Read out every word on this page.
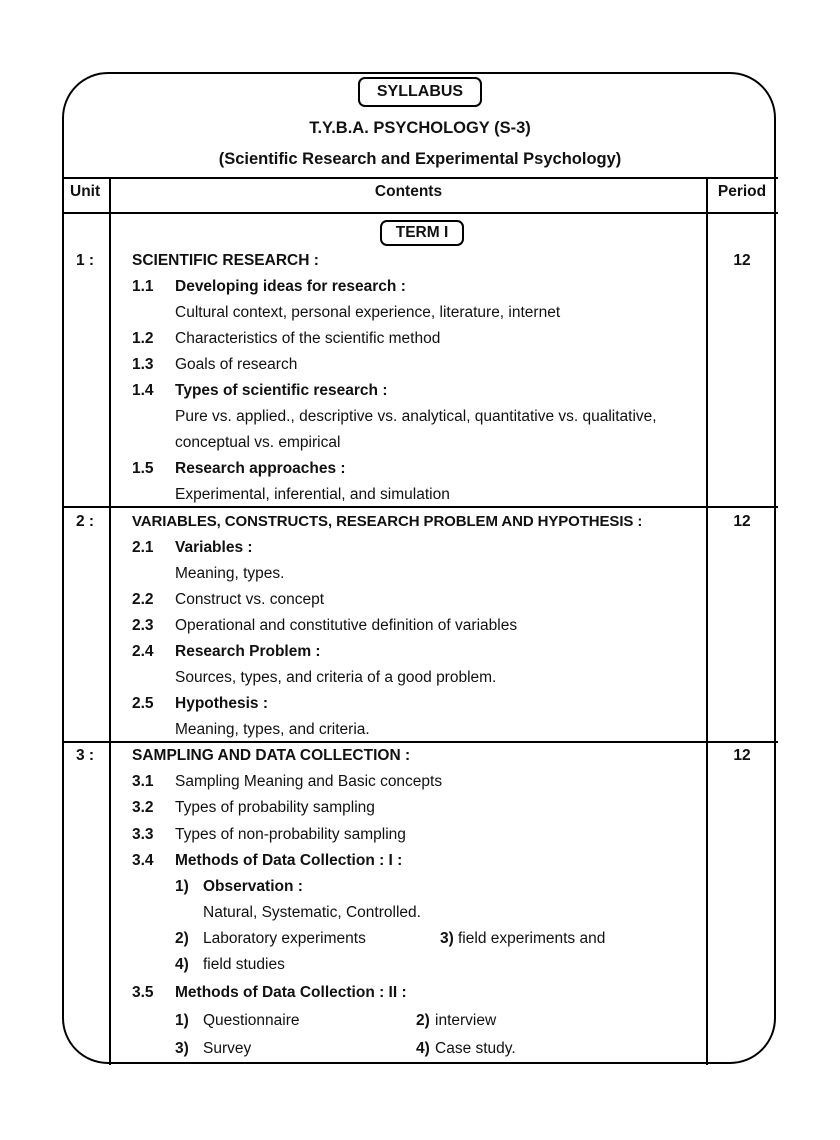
SYLLABUS
T.Y.B.A. PSYCHOLOGY (S-3)
(Scientific Research and Experimental Psychology)
Unit	Contents	Period
TERM I
1 : SCIENTIFIC RESEARCH :	12
1.1 Developing ideas for research :
Cultural context, personal experience, literature, internet
1.2 Characteristics of the scientific method
1.3 Goals of research
1.4 Types of scientific research :
Pure vs. applied., descriptive vs. analytical, quantitative vs. qualitative,
conceptual vs. empirical
1.5 Research approaches :
Experimental, inferential, and simulation
2 :	VARIABLES, CONSTRUCTS, RESEARCH PROBLEM AND HYPOTHESIS :	12
2.1 Variables :
Meaning, types.
2.2 Construct vs. concept
2.3 Operational and constitutive definition of variables
2.4 Research Problem :
Sources, types, and criteria of a good problem.
2.5 Hypothesis :
Meaning, types, and criteria.
3 : SAMPLING AND DATA COLLECTION :	12
3.1 Sampling Meaning and Basic concepts
3.2 Types of probability sampling
3.3 Types of non-probability sampling
3.4 Methods of Data Collection : I :
1) Observation :
Natural, Systematic, Controlled.
2) Laboratory experiments	3) field experiments and
4) field studies
3.5 Methods of Data Collection : II :
1) Questionnaire	2) interview
3) Survey	4) Case study.
